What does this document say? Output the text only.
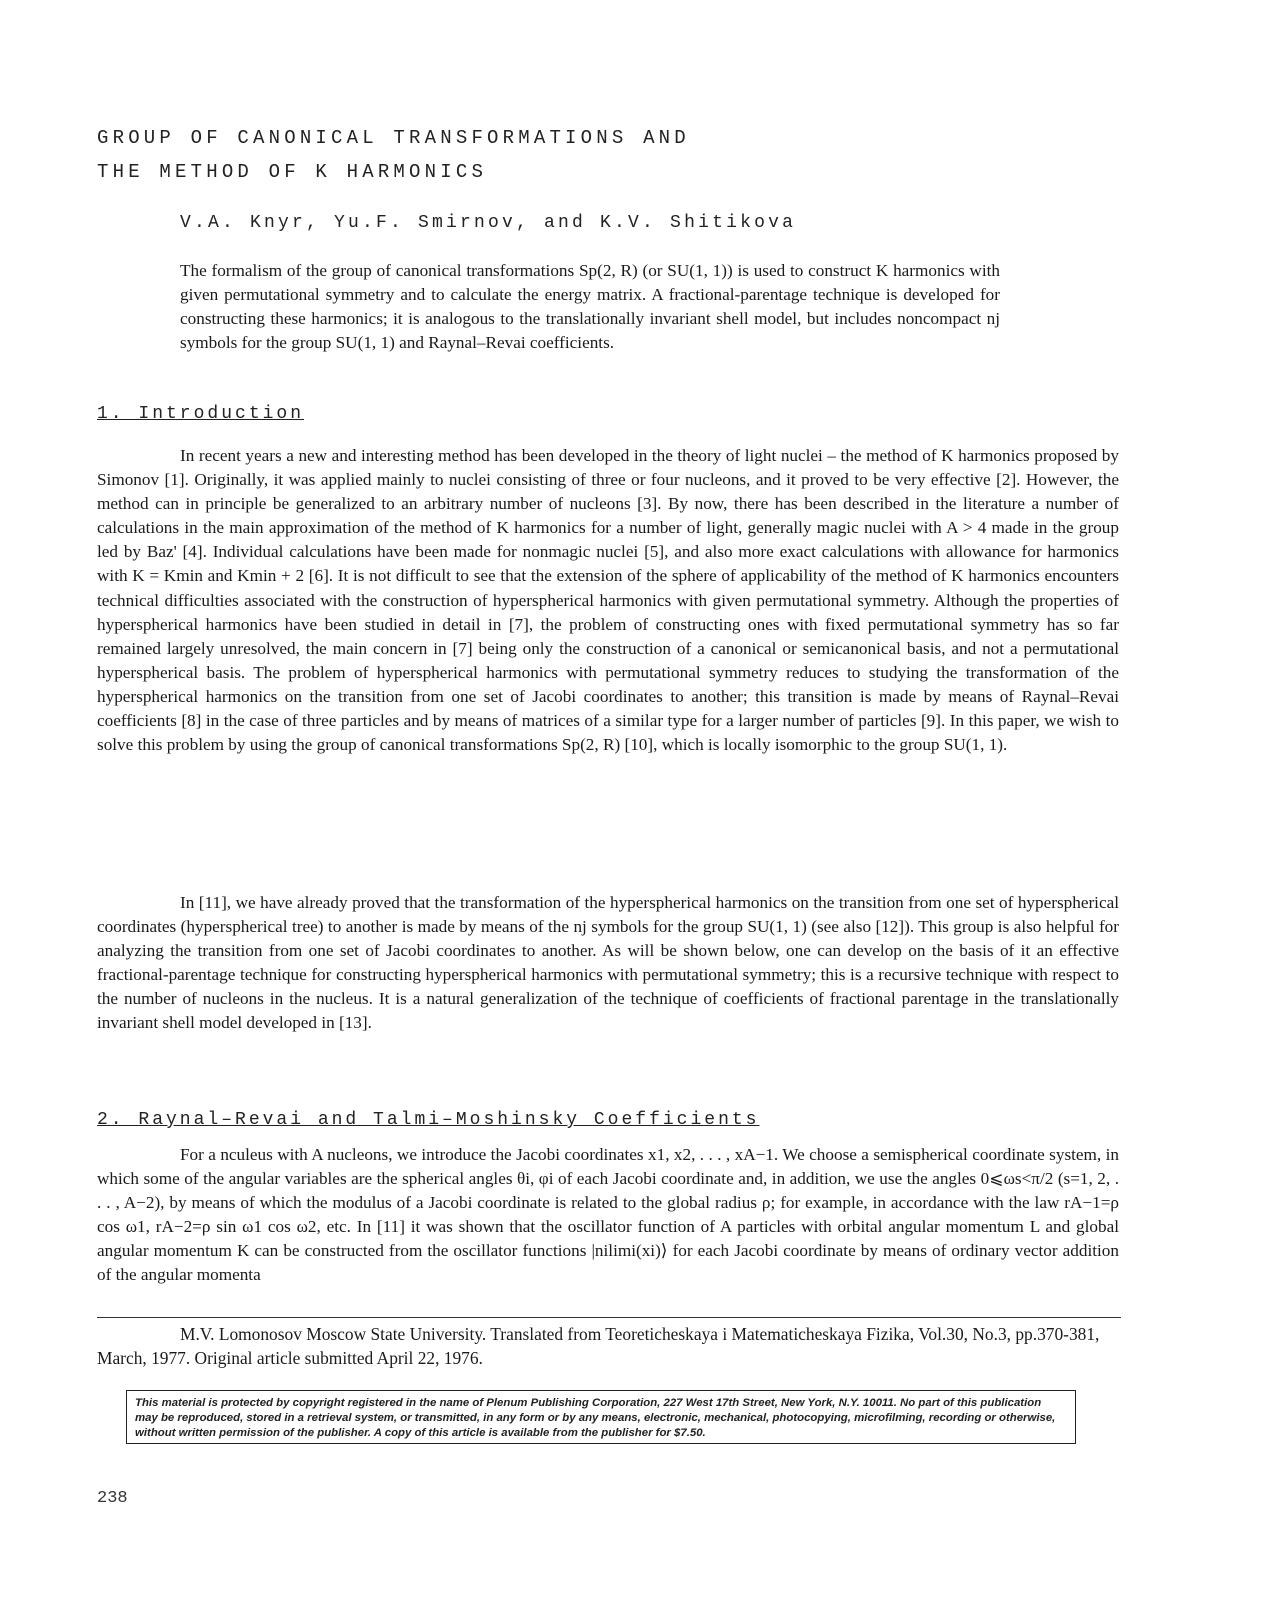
GROUP OF CANONICAL TRANSFORMATIONS AND
THE METHOD OF K HARMONICS
V.A. Knyr, Yu.F. Smirnov, and K.V. Shitikova

The formalism of the group of canonical transformations Sp(2, R) (or SU(1, 1)) is used to construct K harmonics with given permutational symmetry and to calculate the energy matrix. A fractional-parentage technique is developed for constructing these harmonics; it is analogous to the translationally invariant shell model, but includes noncompact nj symbols for the group SU(1, 1) and Raynal–Revai coefficients.

1. Introduction

In recent years a new and interesting method has been developed in the theory of light nuclei – the method of K harmonics proposed by Simonov [1]. Originally, it was applied mainly to nuclei consisting of three or four nucleons, and it proved to be very effective [2]. However, the method can in principle be generalized to an arbitrary number of nucleons [3]. By now, there has been described in the literature a number of calculations in the main approximation of the method of K harmonics for a number of light, generally magic nuclei with A > 4 made in the group led by Baz' [4]. Individual calculations have been made for nonmagic nuclei [5], and also more exact calculations with allowance for harmonics with K = Kmin and Kmin + 2 [6]. It is not difficult to see that the extension of the sphere of applicability of the method of K harmonics encounters technical difficulties associated with the construction of hyperspherical harmonics with given permutational symmetry. Although the properties of hyperspherical harmonics have been studied in detail in [7], the problem of constructing ones with fixed permutational symmetry has so far remained largely unresolved, the main concern in [7] being only the construction of a canonical or semicanonical basis, and not a permutational hyperspherical basis. The problem of hyperspherical harmonics with permutational symmetry reduces to studying the transformation of the hyperspherical harmonics on the transition from one set of Jacobi coordinates to another; this transition is made by means of Raynal–Revai coefficients [8] in the case of three particles and by means of matrices of a similar type for a larger number of particles [9]. In this paper, we wish to solve this problem by using the group of canonical transformations Sp(2, R) [10], which is locally isomorphic to the group SU(1, 1).

In [11], we have already proved that the transformation of the hyperspherical harmonics on the transition from one set of hyperspherical coordinates (hyperspherical tree) to another is made by means of the nj symbols for the group SU(1, 1) (see also [12]). This group is also helpful for analyzing the transition from one set of Jacobi coordinates to another. As will be shown below, one can develop on the basis of it an effective fractional-parentage technique for constructing hyperspherical harmonics with permutational symmetry; this is a recursive technique with respect to the number of nucleons in the nucleus. It is a natural generalization of the technique of coefficients of fractional parentage in the translationally invariant shell model developed in [13].

2. Raynal–Revai and Talmi–Moshinsky Coefficients

For a nculeus with A nucleons, we introduce the Jacobi coordinates x1, x2, . . . , xA−1. We choose a semispherical coordinate system, in which some of the angular variables are the spherical angles θi, φi of each Jacobi coordinate and, in addition, we use the angles 0⩽ωs<π/2 (s=1, 2, . . . , A−2), by means of which the modulus of a Jacobi coordinate is related to the global radius ρ; for example, in accordance with the law rA−1=ρ cos ω1, rA−2=ρ sin ω1 cos ω2, etc. In [11] it was shown that the oscillator function of A particles with orbital angular momentum L and global angular momentum K can be constructed from the oscillator functions |nilimi(xi)⟩ for each Jacobi coordinate by means of ordinary vector addition of the angular momenta

M.V. Lomonosov Moscow State University. Translated from Teoreticheskaya i Matematicheskaya Fizika, Vol.30, No.3, pp.370-381, March, 1977. Original article submitted April 22, 1976.

This material is protected by copyright registered in the name of Plenum Publishing Corporation, 227 West 17th Street, New York, N.Y. 10011. No part of this publication may be reproduced, stored in a retrieval system, or transmitted, in any form or by any means, electronic, mechanical, photocopying, microfilming, recording or otherwise, without written permission of the publisher. A copy of this article is available from the publisher for $7.50.
238
